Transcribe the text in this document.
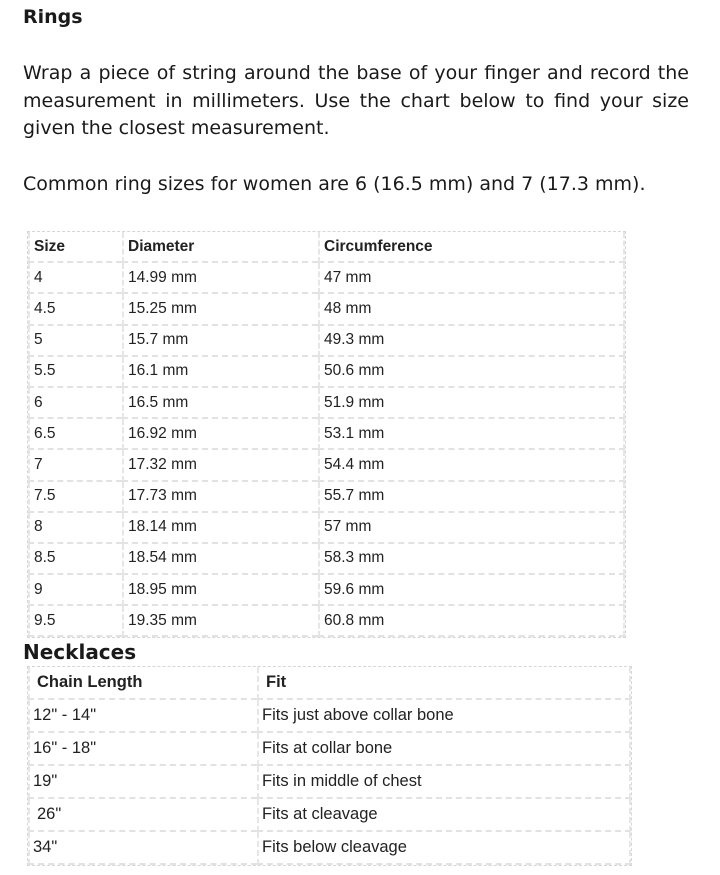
Rings

Wrap a piece of string around the base of your finger and record the measurement in millimeters. Use the chart below to find your size given the closest measurement.

Common ring sizes for women are 6 (16.5 mm) and 7 (17.3 mm).

Size	Diameter	Circumference
4	14.99 mm	47 mm
4.5	15.25 mm	48 mm
5	15.7 mm	49.3 mm
5.5	16.1 mm	50.6 mm
6	16.5 mm	51.9 mm
6.5	16.92 mm	53.1 mm
7	17.32 mm	54.4 mm
7.5	17.73 mm	55.7 mm
8	18.14 mm	57 mm
8.5	18.54 mm	58.3 mm
9	18.95 mm	59.6 mm
9.5	19.35 mm	60.8 mm
Necklaces
Chain Length	Fit
12" - 14"	Fits just above collar bone
16" - 18"	Fits at collar bone
19"	Fits in middle of chest
26"	Fits at cleavage
34"	Fits below cleavage
